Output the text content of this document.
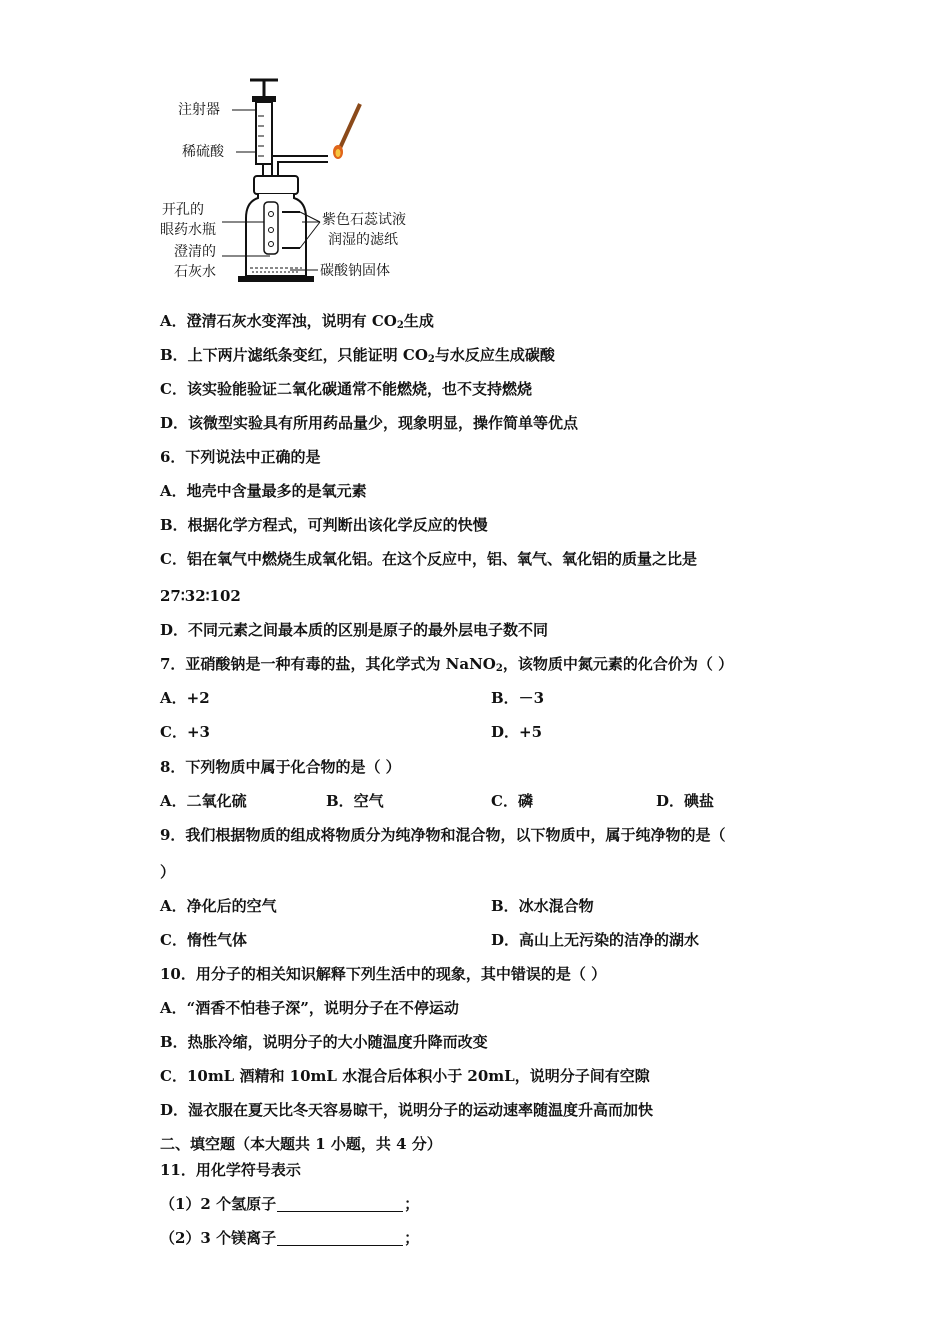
注射器
稀硫酸
开孔的
眼药水瓶
澄清的
石灰水
紫色石蕊试液
润湿的滤纸
碳酸钠固体
A．澄清石灰水变浑浊，说明有 $CO_2$生成
B．上下两片滤纸条变红，只能证明 $CO_2$与水反应生成碳酸
C．该实验能验证二氧化碳通常不能燃烧，也不支持燃烧
D．该微型实验具有所用药品量少，现象明显，操作简单等优点
6．下列说法中正确的是
A．地壳中含量最多的是氧元素
B．根据化学方程式，可判断出该化学反应的快慢
C．铝在氧气中燃烧生成氧化铝。在这个反应中，铝、氧气、氧化铝的质量之比是
27∶32∶102
D．不同元素之间最本质的区别是原子的最外层电子数不同
7．亚硝酸钠是一种有毒的盐，其化学式为 NaNO$_2$，该物质中氮元素的化合价为（ ）
A．+2	B．－3
C．+3	D．+5
8．下列物质中属于化合物的是（ ）
A．二氧化硫	B．空气	C．磷	D．碘盐
9．我们根据物质的组成将物质分为纯净物和混合物，以下物质中，属于纯净物的是（
）
A．净化后的空气	B．冰水混合物
C．惰性气体	D．高山上无污染的洁净的湖水
10．用分子的相关知识解释下列生活中的现象，其中错误的是（ ）
A．“酒香不怕巷子深”，说明分子在不停运动
B．热胀冷缩，说明分子的大小随温度升降而改变
C．10mL 酒精和 10mL 水混合后体积小于 20mL，说明分子间有空隙
D．湿衣服在夏天比冬天容易晾干，说明分子的运动速率随温度升高而加快
二、填空题（本大题共 1 小题，共 4 分）
11．用化学符号表示
（1）2 个氢原子	；
（2）3 个镁离子	；
